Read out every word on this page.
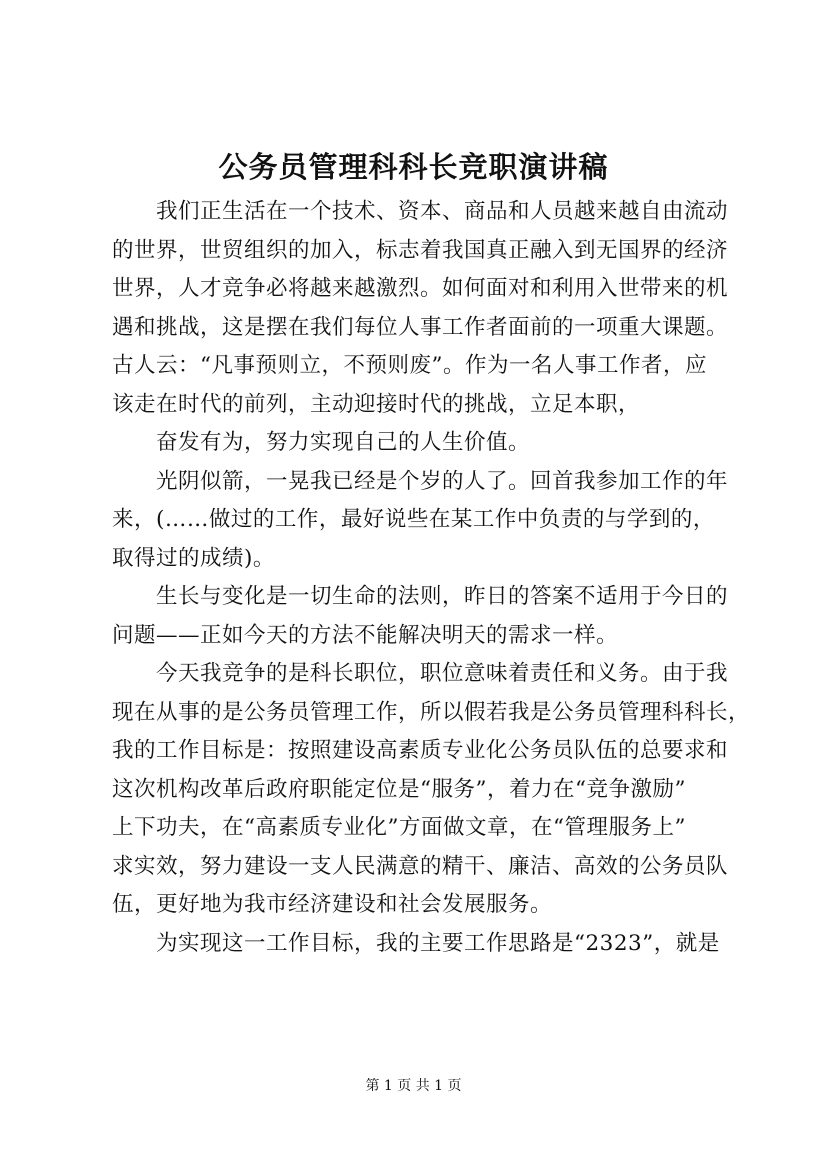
公务员管理科科长竞职演讲稿
我们正生活在一个技术、资本、商品和人员越来越自由流动
的世界，世贸组织的加入，标志着我国真正融入到无国界的经济
世界，人才竞争必将越来越激烈。如何面对和利用入世带来的机
遇和挑战，这是摆在我们每位人事工作者面前的一项重大课题。
古人云：“凡事预则立，不预则废”。作为一名人事工作者，应
该走在时代的前列，主动迎接时代的挑战，立足本职，
奋发有为，努力实现自己的人生价值。
光阴似箭，一晃我已经是个岁的人了。回首我参加工作的年
来，(……做过的工作，最好说些在某工作中负责的与学到的，
取得过的成绩)。
生长与变化是一切生命的法则，昨日的答案不适用于今日的
问题——正如今天的方法不能解决明天的需求一样。
今天我竞争的是科长职位，职位意味着责任和义务。由于我
现在从事的是公务员管理工作，所以假若我是公务员管理科科长，
我的工作目标是：按照建设高素质专业化公务员队伍的总要求和
这次机构改革后政府职能定位是“服务”，着力在“竞争激励”
上下功夫，在“高素质专业化”方面做文章，在“管理服务上”
求实效，努力建设一支人民满意的精干、廉洁、高效的公务员队
伍，更好地为我市经济建设和社会发展服务。
为实现这一工作目标，我的主要工作思路是“2323”，就是
第 1 页 共 1 页
